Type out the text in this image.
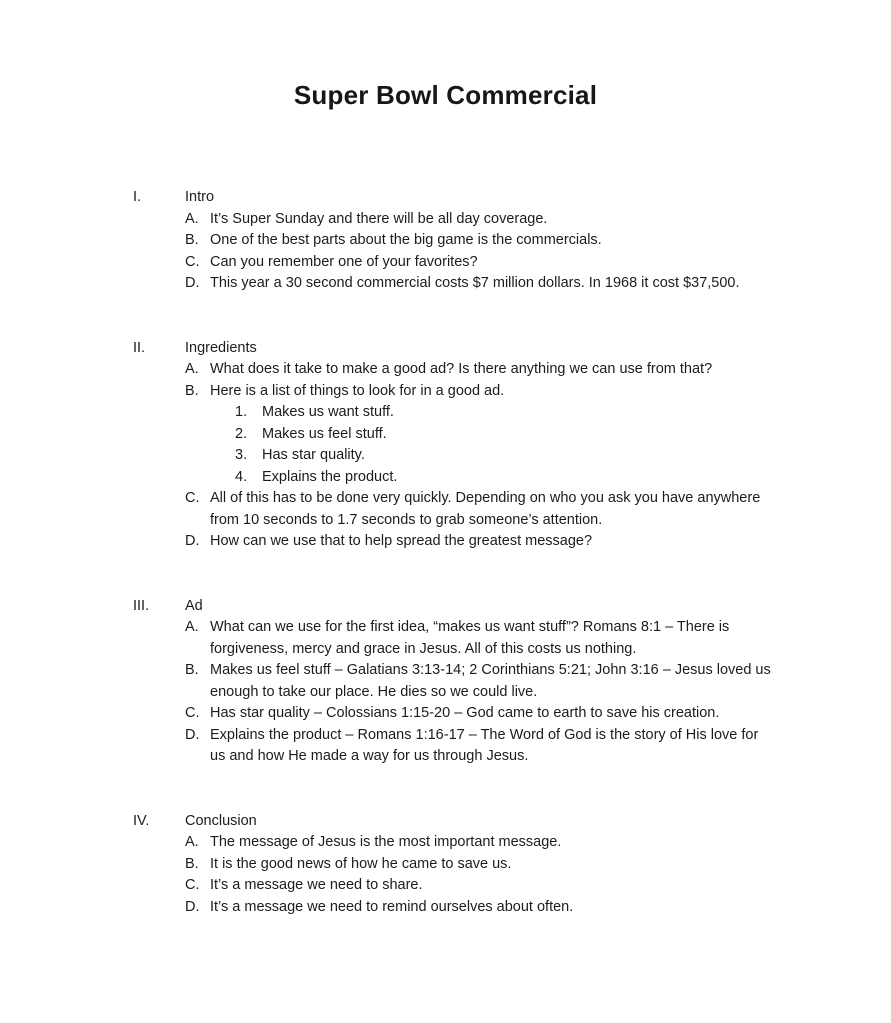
Super Bowl Commercial
I.	Intro
A. It’s Super Sunday and there will be all day coverage.
B. One of the best parts about the big game is the commercials.
C. Can you remember one of your favorites?
D. This year a 30 second commercial costs $7 million dollars. In 1968 it cost $37,500.
II.	Ingredients
A. What does it take to make a good ad? Is there anything we can use from that?
B. Here is a list of things to look for in a good ad.
1.	Makes us want stuff.
2.	Makes us feel stuff.
3.	Has star quality.
4.	Explains the product.
C. All of this has to be done very quickly. Depending on who you ask you have anywhere from 10 seconds to 1.7 seconds to grab someone’s attention.
D. How can we use that to help spread the greatest message?
III.	Ad
A. What can we use for the first idea, “makes us want stuff”? Romans 8:1 – There is forgiveness, mercy and grace in Jesus. All of this costs us nothing.
B. Makes us feel stuff – Galatians 3:13-14; 2 Corinthians 5:21; John 3:16 – Jesus loved us enough to take our place. He dies so we could live.
C. Has star quality – Colossians 1:15-20 – God came to earth to save his creation.
D. Explains the product – Romans 1:16-17 – The Word of God is the story of His love for us and how He made a way for us through Jesus.
IV.	Conclusion
A. The message of Jesus is the most important message.
B. It is the good news of how he came to save us.
C. It’s a message we need to share.
D. It’s a message we need to remind ourselves about often.
